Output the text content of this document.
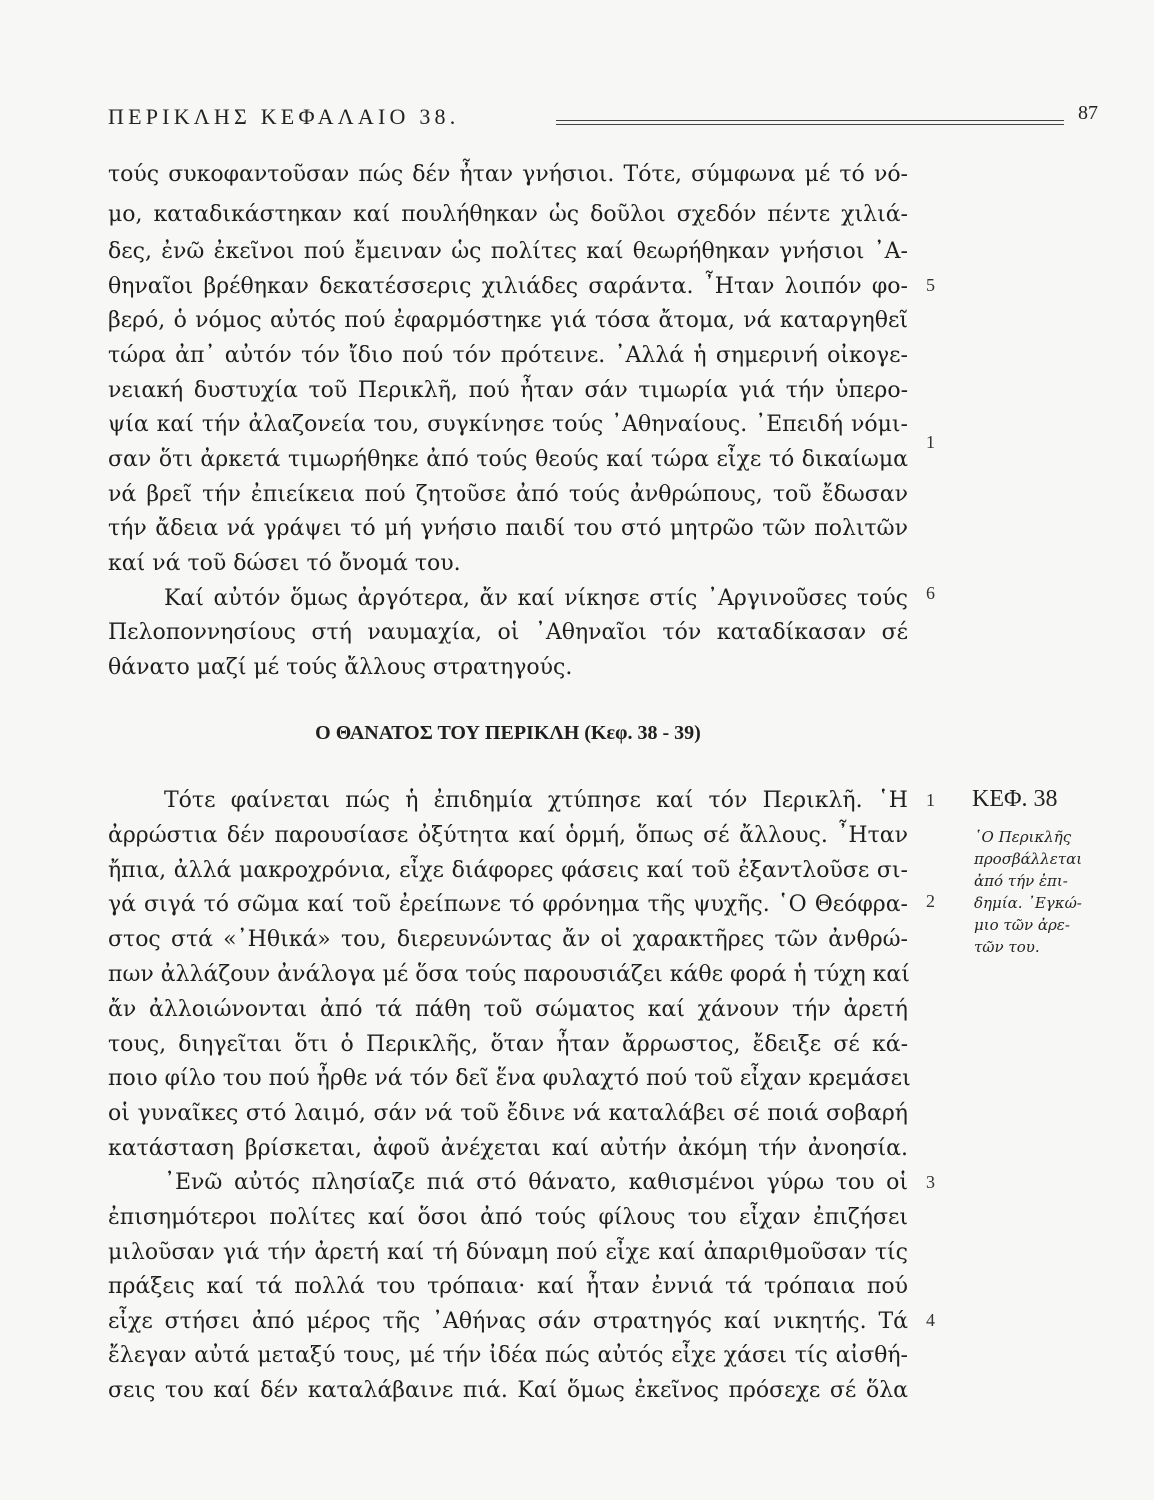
ΠΕΡΙΚΛΗΣ ΚΕΦΑΛΑΙΟ 38.	87
τούς συκοφαντοῦσαν πώς δέν ἦταν γνήσιοι. Τότε, σύμφωνα μέ τό νό-
μο, καταδικάστηκαν καί πουλήθηκαν ὡς δοῦλοι σχεδόν πέντε χιλιά-
δες, ἐνῶ ἐκεῖνοι πού ἔμειναν ὡς πολίτες καί θεωρήθηκαν γνήσιοι ᾿Α-
θηναῖοι βρέθηκαν δεκατέσσερις χιλιάδες σαράντα. ῏Ηταν λοιπόν φο-
βερό, ὁ νόμος αὐτός πού ἐφαρμόστηκε γιά τόσα ἄτομα, νά καταργηθεῖ
τώρα ἀπ᾿ αὐτόν τόν ἴδιο πού τόν πρότεινε. ᾿Αλλά ἡ σημερινή οἰκογε-
νειακή δυστυχία τοῦ Περικλῆ, πού ἦταν σάν τιμωρία γιά τήν ὑπερο-
ψία καί τήν ἀλαζονεία του, συγκίνησε τούς ᾿Αθηναίους. ᾿Επειδή νόμι-
σαν ὅτι ἀρκετά τιμωρήθηκε ἀπό τούς θεούς καί τώρα εἶχε τό δικαίωμα
νά βρεῖ τήν ἐπιείκεια πού ζητοῦσε ἀπό τούς ἀνθρώπους, τοῦ ἔδωσαν
τήν ἄδεια νά γράψει τό μή γνήσιο παιδί του στό μητρῶο τῶν πολιτῶν
καί νά τοῦ δώσει τό ὄνομά του.
Καί αὐτόν ὅμως ἀργότερα, ἄν καί νίκησε στίς ᾿Αργινοῦσες τούς
Πελοποννησίους στή ναυμαχία, οἱ ᾿Αθηναῖοι τόν καταδίκασαν σέ
θάνατο μαζί μέ τούς ἄλλους στρατηγούς.
Ο ΘΑΝΑΤΟΣ ΤΟΥ ΠΕΡΙΚΛΗ (Κεφ. 38 - 39)
Τότε φαίνεται πώς ἡ ἐπιδημία χτύπησε καί τόν Περικλῆ. ῾Η
ἀρρώστια δέν παρουσίασε ὀξύτητα καί ὁρμή, ὅπως σέ ἄλλους. ῏Ηταν
ἤπια, ἀλλά μακροχρόνια, εἶχε διάφορες φάσεις καί τοῦ ἐξαντλοῦσε σι-
γά σιγά τό σῶμα καί τοῦ ἐρείπωνε τό φρόνημα τῆς ψυχῆς. ῾Ο Θεόφρα-
στος στά «᾿Ηθικά» του, διερευνώντας ἄν οἱ χαρακτῆρες τῶν ἀνθρώ-
πων ἀλλάζουν ἀνάλογα μέ ὅσα τούς παρουσιάζει κάθε φορά ἡ τύχη καί
ἄν ἀλλοιώνονται ἀπό τά πάθη τοῦ σώματος καί χάνουν τήν ἀρετή
τους, διηγεῖται ὅτι ὁ Περικλῆς, ὅταν ἦταν ἄρρωστος, ἔδειξε σέ κά-
ποιο φίλο του πού ἦρθε νά τόν δεῖ ἕνα φυλαχτό πού τοῦ εἶχαν κρεμάσει
οἱ γυναῖκες στό λαιμό, σάν νά τοῦ ἔδινε νά καταλάβει σέ ποιά σοβαρή
κατάσταση βρίσκεται, ἀφοῦ ἀνέχεται καί αὐτήν ἀκόμη τήν ἀνοησία.
᾿Ενῶ αὐτός πλησίαζε πιά στό θάνατο, καθισμένοι γύρω του οἱ
ἐπισημότεροι πολίτες καί ὅσοι ἀπό τούς φίλους του εἶχαν ἐπιζήσει
μιλοῦσαν γιά τήν ἀρετή καί τή δύναμη πού εἶχε καί ἀπαριθμοῦσαν τίς
πράξεις καί τά πολλά του τρόπαια· καί ἦταν ἐννιά τά τρόπαια πού
εἶχε στήσει ἀπό μέρος τῆς ᾿Αθήνας σάν στρατηγός καί νικητής. Τά
ἔλεγαν αὐτά μεταξύ τους, μέ τήν ἰδέα πώς αὐτός εἶχε χάσει τίς αἰσθή-
σεις του καί δέν καταλάβαινε πιά. Καί ὅμως ἐκεῖνος πρόσεχε σέ ὅλα
5
1
6
1
2
3
4
ΚΕΦ. 38
῾Ο Περικλῆς
προσβάλλεται
ἀπό τήν ἐπι-
δημία. ᾿Εγκώ-
μιο τῶν ἀρε-
τῶν του.
